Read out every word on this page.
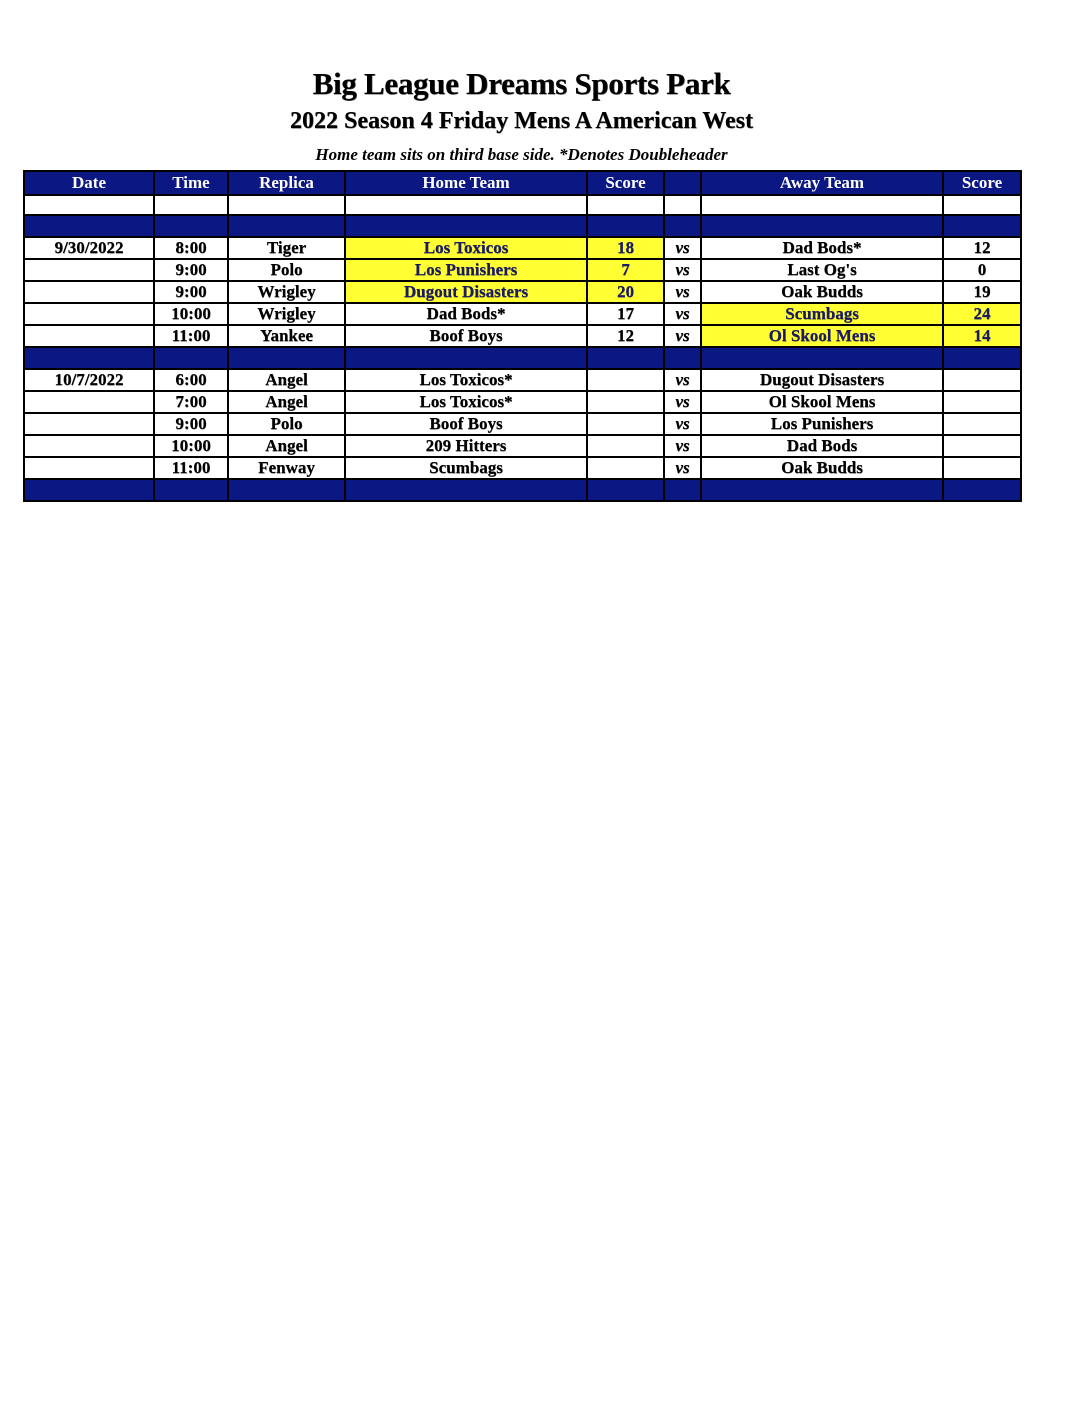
Big League Dreams Sports Park
2022 Season 4 Friday Mens A American West
Home team sits on third base side. *Denotes Doubleheader
Date	Time	Replica	Home Team	Score		Away Team	Score

9/30/2022	8:00	Tiger	Los Toxicos	18	vs	Dad Bods*	12
	9:00	Polo	Los Punishers	7	vs	Last Og's	0
	9:00	Wrigley	Dugout Disasters	20	vs	Oak Budds	19
	10:00	Wrigley	Dad Bods*	17	vs	Scumbags	24
	11:00	Yankee	Boof Boys	12	vs	Ol Skool Mens	14

10/7/2022	6:00	Angel	Los Toxicos*		vs	Dugout Disasters	
	7:00	Angel	Los Toxicos*		vs	Ol Skool Mens	
	9:00	Polo	Boof Boys		vs	Los Punishers	
	10:00	Angel	209 Hitters		vs	Dad Bods	
	11:00	Fenway	Scumbags		vs	Oak Budds	
